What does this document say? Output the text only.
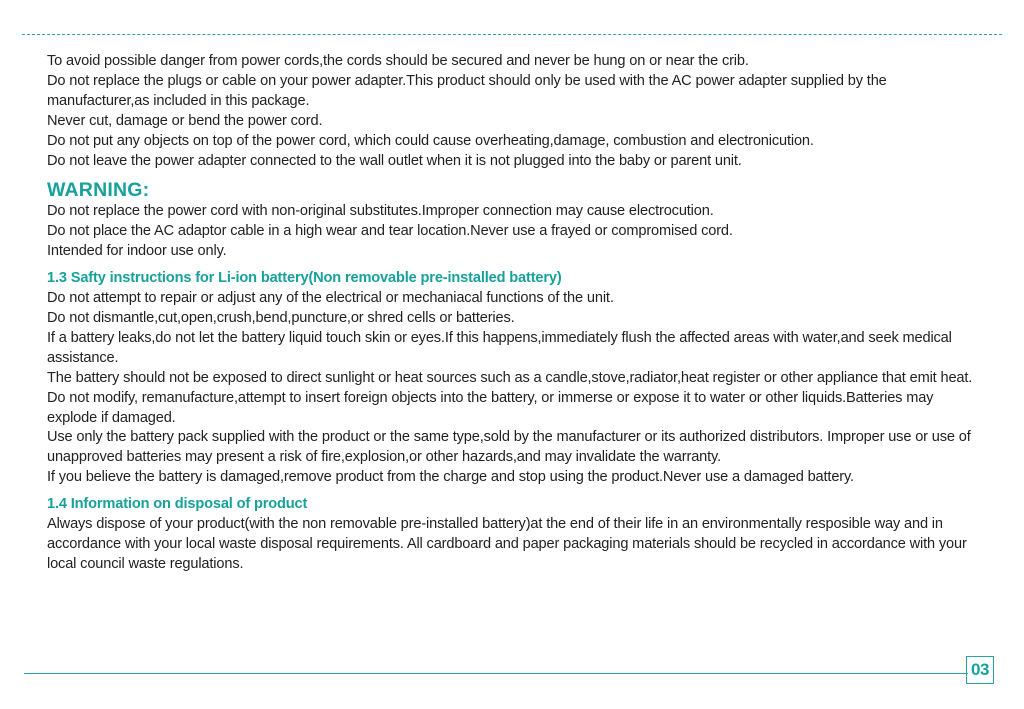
To avoid possible danger from power cords,the cords should be secured and never be hung on or near the crib.

Do not replace the plugs or cable on your power adapter.This product should only be used with the AC power adapter supplied by the manufacturer,as included in this package.

Never cut, damage or bend the power cord.

Do not put any objects on top of the power cord, which could cause overheating,damage, combustion and electronicution.

Do not leave the power adapter connected to the wall outlet when it is not plugged into the baby or parent unit.

WARNING:

Do not replace the power cord with non-original substitutes.Improper connection may cause electrocution.

Do not place the AC adaptor cable in a high wear and tear location.Never use a frayed or compromised cord.

Intended for indoor use only.

1.3 Safty instructions for Li-ion battery(Non removable pre-installed battery)

Do not attempt to repair or adjust any of the electrical or mechaniacal functions of the unit.

Do not dismantle,cut,open,crush,bend,puncture,or shred cells or batteries.

If a battery leaks,do not let the battery liquid touch skin or eyes.If this happens,immediately flush the affected areas with water,and seek medical assistance.

The battery should not be exposed to direct sunlight or heat sources such as a candle,stove,radiator,heat register or other appliance that emit heat.

Do not modify, remanufacture,attempt to insert foreign objects into the battery, or immerse or expose it to water or other liquids.Batteries may explode if damaged.

Use only the battery pack supplied with the product or the same type,sold by the manufacturer or its authorized distributors. Improper use or use of unapproved batteries may present a risk of fire,explosion,or other hazards,and may invalidate the warranty.

If you believe the battery is damaged,remove product from the charge and stop using the product.Never use a damaged battery.

1.4 Information on disposal of product

Always dispose of your product(with the non removable pre-installed battery)at the end of their life in an environmentally resposible way and in accordance with your local waste disposal requirements. All cardboard and paper packaging materials should be recycled in accordance with your local council waste regulations.

03
